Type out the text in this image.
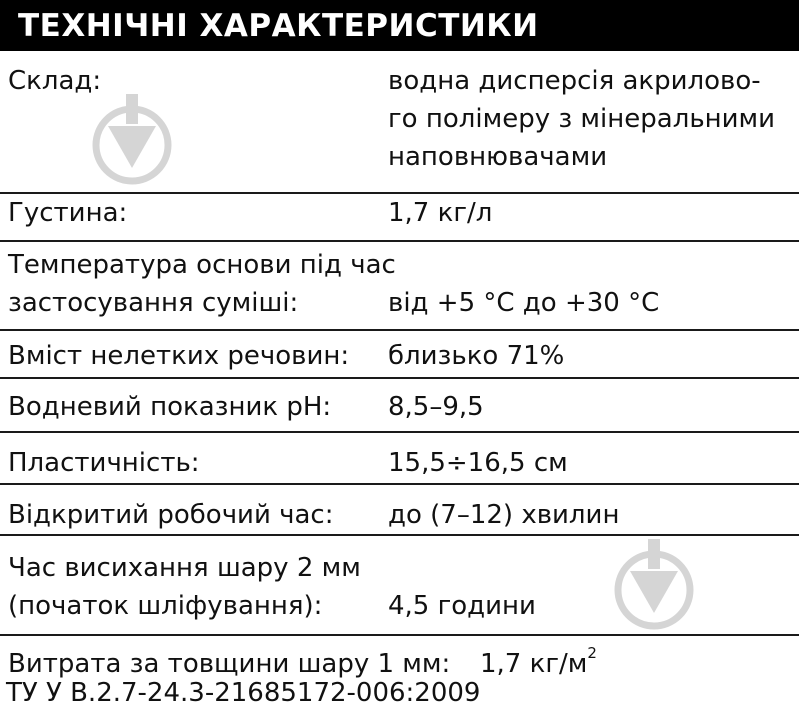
ТЕХНІЧНІ ХАРАКТЕРИСТИКИ
Склад:	водна дисперсія акрилово-
го полімеру з мінеральними
наповнювачами
Густина:	1,7 кг/л
Температура основи під час
застосування суміші:	від +5 °C до +30 °C
Вміст нелетких речовин: близько 71%
Водневий показник рН: 8,5–9,5
Пластичність:	15,5÷16,5 см
Відкритий робочий час: до (7–12) хвилин
Час висихання шару 2 мм
(початок шліфування):	4,5 години
Витрата за товщини шару 1 мм: 1,7 $кг/м^2$
ТУ У В.2.7-24.3-21685172-006:2009
